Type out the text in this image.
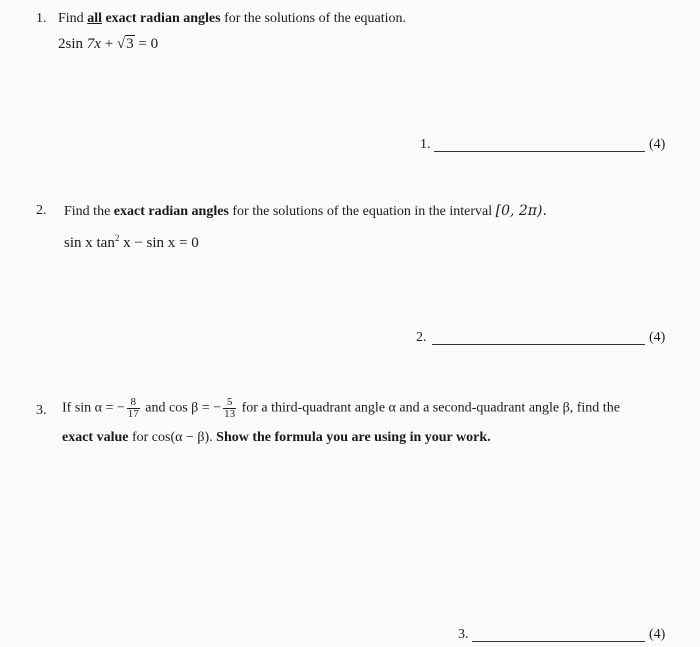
1. Find all exact radian angles for the solutions of the equation.
2sin 7x + √3 = 0
1.	(4)
2. Find the exact radian angles for the solutions of the equation in the interval [0, 2π).
sin x $\tan^2 x - \sin x = 0$
2.	(4)
3. If sin α = − $\frac{8}{17}$ and cos β = − $\frac{5}{13}$ for a third-quadrant angle α and a second-quadrant angle β, find the
exact value for cos(α − β). Show the formula you are using in your work.
3.	(4)
